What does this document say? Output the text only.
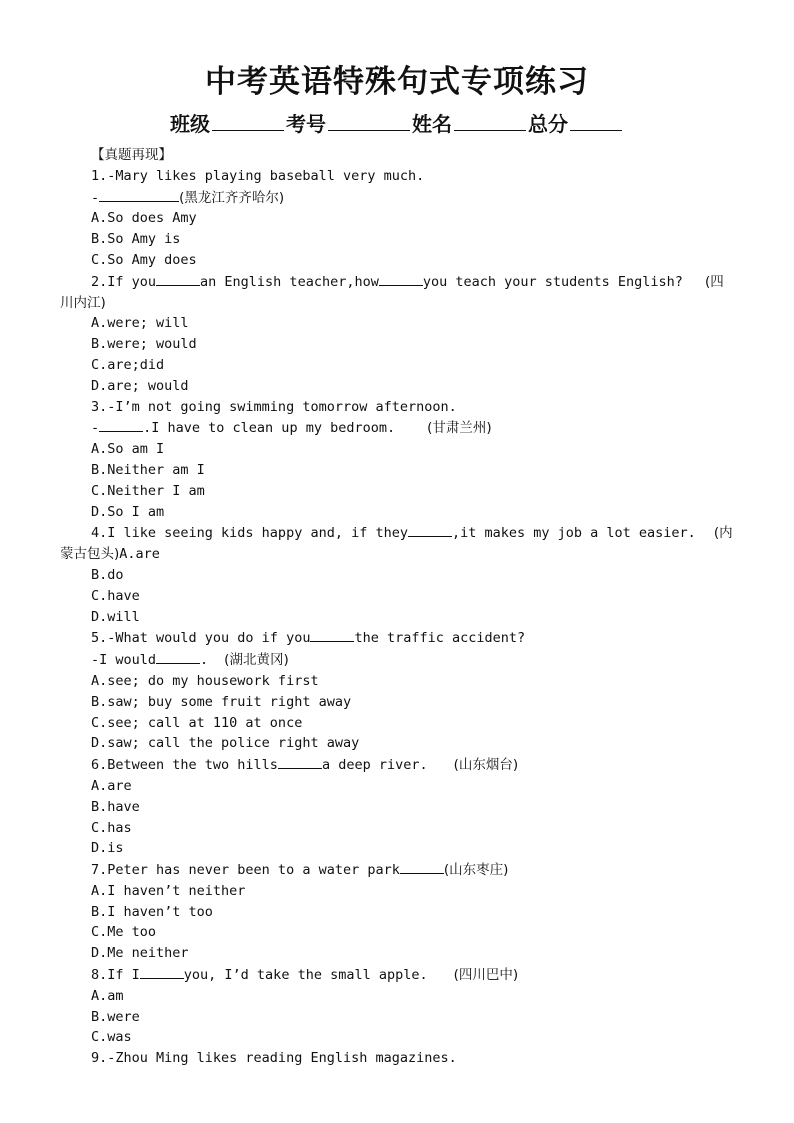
中考英语特殊句式专项练习
班级	考号	姓名	总分
【真题再现】
1.-Mary likes playing baseball very much.
-	(黑龙江齐齐哈尔)
A.So does Amy
B.So Amy is
C.So Amy does
2.If you	an English teacher,how	you teach your students English? (四
川内江)
A.were; will
B.were; would
C.are;did
D.are; would
3.-I’m not going swimming tomorrow afternoon.
-	.I have to clean up my bedroom. (甘肃兰州)
A.So am I
B.Neither am I
C.Neither I am
D.So I am
4.I like seeing kids happy and, if they	,it makes my job a lot easier. (内
蒙古包头)A.are
B.do
C.have
D.will
5.-What would you do if you	the traffic accident?
-I would	. (湖北黄冈)
A.see; do my housework first
B.saw; buy some fruit right away
C.see; call at 110 at once
D.saw; call the police right away
6.Between the two hills	a deep river. (山东烟台)
A.are
B.have
C.has
D.is
7.Peter has never been to a water park	(山东枣庄)
A.I haven’t neither
B.I haven’t too
C.Me too
D.Me neither
8.If I	you, I’d take the small apple. (四川巴中)
A.am
B.were
C.was
9.-Zhou Ming likes reading English magazines.
